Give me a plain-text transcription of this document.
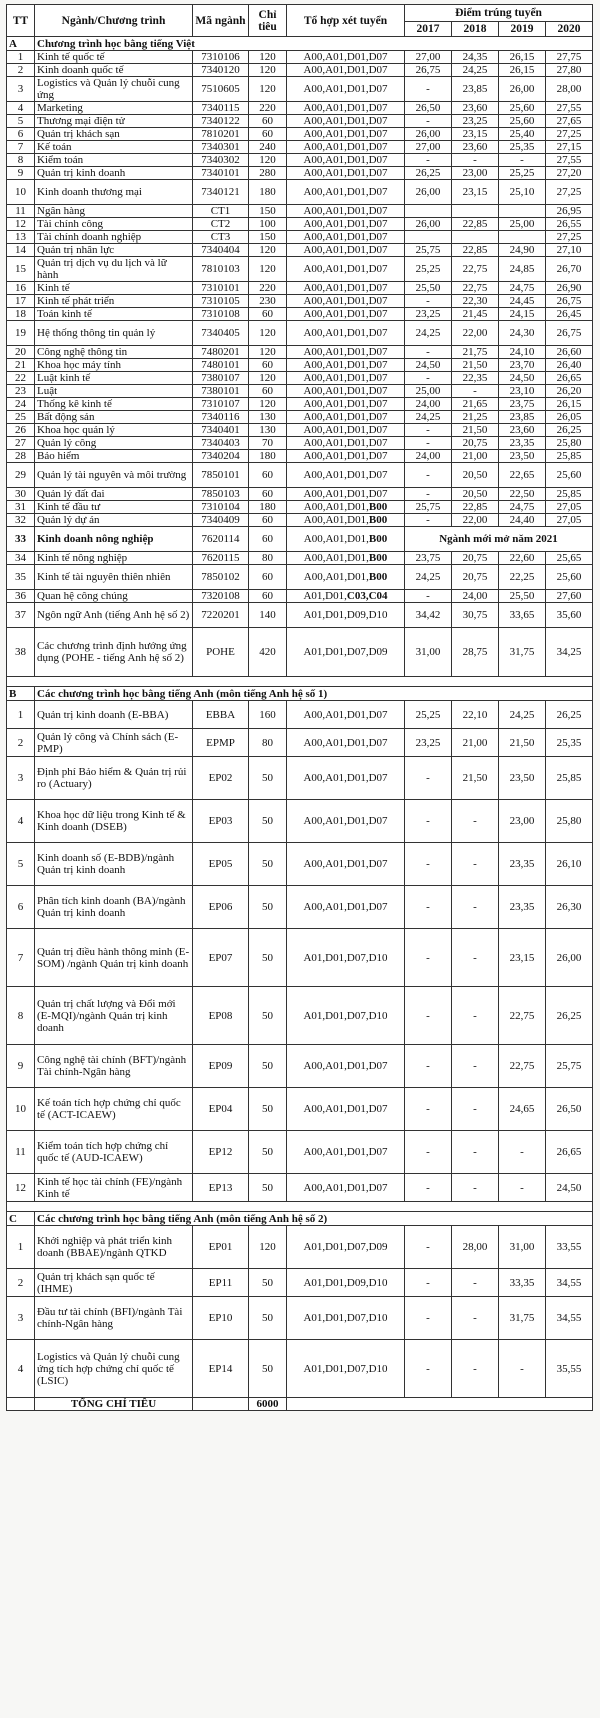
TT	Ngành/Chương trình	Mã ngành	Chỉ tiêu	Tổ hợp xét tuyển	Điểm trúng tuyển			
					2017	2018	2019	2020
A	Chương trình học bằng tiếng Việt							
1	Kinh tế quốc tế	7310106	120	A00,A01,D01,D07	27,00	24,35	26,15	27,75
2	Kinh doanh quốc tế	7340120	120	A00,A01,D01,D07	26,75	24,25	26,15	27,80
3	Logistics và Quản lý chuỗi cung ứng	7510605	120	A00,A01,D01,D07	-	23,85	26,00	28,00
4	Marketing	7340115	220	A00,A01,D01,D07	26,50	23,60	25,60	27,55
5	Thương mại điện tử	7340122	60	A00,A01,D01,D07	-	23,25	25,60	27,65
6	Quản trị khách sạn	7810201	60	A00,A01,D01,D07	26,00	23,15	25,40	27,25
7	Kế toán	7340301	240	A00,A01,D01,D07	27,00	23,60	25,35	27,15
8	Kiểm toán	7340302	120	A00,A01,D01,D07	-	-	-	27,55
9	Quản trị kinh doanh	7340101	280	A00,A01,D01,D07	26,25	23,00	25,25	27,20
10	Kinh doanh thương mại	7340121	180	A00,A01,D01,D07	26,00	23,15	25,10	27,25
11	Ngân hàng	CT1	150	A00,A01,D01,D07				26,95
12	Tài chính công	CT2	100	A00,A01,D01,D07	26,00	22,85	25,00	26,55
13	Tài chính doanh nghiệp	CT3	150	A00,A01,D01,D07				27,25
14	Quản trị nhân lực	7340404	120	A00,A01,D01,D07	25,75	22,85	24,90	27,10
15	Quản trị dịch vụ du lịch và lữ hành	7810103	120	A00,A01,D01,D07	25,25	22,75	24,85	26,70
16	Kinh tế	7310101	220	A00,A01,D01,D07	25,50	22,75	24,75	26,90
17	Kinh tế phát triển	7310105	230	A00,A01,D01,D07	-	22,30	24,45	26,75
18	Toán kinh tế	7310108	60	A00,A01,D01,D07	23,25	21,45	24,15	26,45
19	Hệ thống thông tin quản lý	7340405	120	A00,A01,D01,D07	24,25	22,00	24,30	26,75
20	Công nghệ thông tin	7480201	120	A00,A01,D01,D07	-	21,75	24,10	26,60
21	Khoa học máy tính	7480101	60	A00,A01,D01,D07	24,50	21,50	23,70	26,40
22	Luật kinh tế	7380107	120	A00,A01,D01,D07	-	22,35	24,50	26,65
23	Luật	7380101	60	A00,A01,D01,D07	25,00	-	23,10	26,20
24	Thống kê kinh tế	7310107	120	A00,A01,D01,D07	24,00	21,65	23,75	26,15
25	Bất động sản	7340116	130	A00,A01,D01,D07	24,25	21,25	23,85	26,05
26	Khoa học quản lý	7340401	130	A00,A01,D01,D07	-	21,50	23,60	26,25
27	Quản lý công	7340403	70	A00,A01,D01,D07	-	20,75	23,35	25,80
28	Bảo hiểm	7340204	180	A00,A01,D01,D07	24,00	21,00	23,50	25,85
29	Quản lý tài nguyên và môi trường	7850101	60	A00,A01,D01,D07	-	20,50	22,65	25,60
30	Quản lý đất đai	7850103	60	A00,A01,D01,D07	-	20,50	22,50	25,85
31	Kinh tế đầu tư	7310104	180	A00,A01,D01,B00	25,75	22,85	24,75	27,05
32	Quản lý dự án	7340409	60	A00,A01,D01,B00	-	22,00	24,40	27,05
33	Kinh doanh nông nghiệp	7620114	60	A00,A01,D01,B00	Ngành mới mở năm 2021			
34	Kinh tế nông nghiệp	7620115	80	A00,A01,D01,B00	23,75	20,75	22,60	25,65
35	Kinh tế tài nguyên thiên nhiên	7850102	60	A00,A01,D01,B00	24,25	20,75	22,25	25,60
36	Quan hệ công chúng	7320108	60	A01,D01,C03,C04	-	24,00	25,50	27,60
37	Ngôn ngữ Anh (tiếng Anh hệ số 2)	7220201	140	A01,D01,D09,D10	34,42	30,75	33,65	35,60
38	Các chương trình định hướng ứng dụng (POHE - tiếng Anh hệ số 2)	POHE	420	A01,D01,D07,D09	31,00	28,75	31,75	34,25

B	Các chương trình học bằng tiếng Anh (môn tiếng Anh hệ số 1)							
1	Quản trị kinh doanh (E-BBA)	EBBA	160	A00,A01,D01,D07	25,25	22,10	24,25	26,25
2	Quản lý công và Chính sách (E-PMP)	EPMP	80	A00,A01,D01,D07	23,25	21,00	21,50	25,35
3	Định phí Bảo hiểm & Quản trị rủi ro (Actuary)	EP02	50	A00,A01,D01,D07	-	21,50	23,50	25,85
4	Khoa học dữ liệu trong Kinh tế & Kinh doanh (DSEB)	EP03	50	A00,A01,D01,D07	-	-	23,00	25,80
5	Kinh doanh số (E-BDB)/ngành Quản trị kinh doanh	EP05	50	A00,A01,D01,D07	-	-	23,35	26,10
6	Phân tích kinh doanh (BA)/ngành Quản trị kinh doanh	EP06	50	A00,A01,D01,D07	-	-	23,35	26,30
7	Quản trị điều hành thông minh (E-SOM) /ngành Quản trị kinh doanh	EP07	50	A01,D01,D07,D10	-	-	23,15	26,00
8	Quản trị chất lượng và Đổi mới (E-MQI)/ngành Quản trị kinh doanh	EP08	50	A01,D01,D07,D10	-	-	22,75	26,25
9	Công nghệ tài chính (BFT)/ngành Tài chính-Ngân hàng	EP09	50	A00,A01,D01,D07	-	-	22,75	25,75
10	Kế toán tích hợp chứng chỉ quốc tế (ACT-ICAEW)	EP04	50	A00,A01,D01,D07	-	-	24,65	26,50
11	Kiểm toán tích hợp chứng chỉ quốc tế (AUD-ICAEW)	EP12	50	A00,A01,D01,D07	-	-	-	26,65
12	Kinh tế học tài chính (FE)/ngành Kinh tế	EP13	50	A00,A01,D01,D07	-	-	-	24,50

C	Các chương trình học bằng tiếng Anh (môn tiếng Anh hệ số 2)							
1	Khởi nghiệp và phát triển kinh doanh (BBAE)/ngành QTKD	EP01	120	A01,D01,D07,D09	-	28,00	31,00	33,55
2	Quản trị khách sạn quốc tế (IHME)	EP11	50	A01,D01,D09,D10	-	-	33,35	34,55
3	Đầu tư tài chính (BFI)/ngành Tài chính-Ngân hàng	EP10	50	A01,D01,D07,D10	-	-	31,75	34,55
4	Logistics và Quản lý chuỗi cung ứng tích hợp chứng chỉ quốc tế (LSIC)	EP14	50	A01,D01,D07,D10	-	-	-	35,55
	TỔNG CHỈ TIÊU		6000					
